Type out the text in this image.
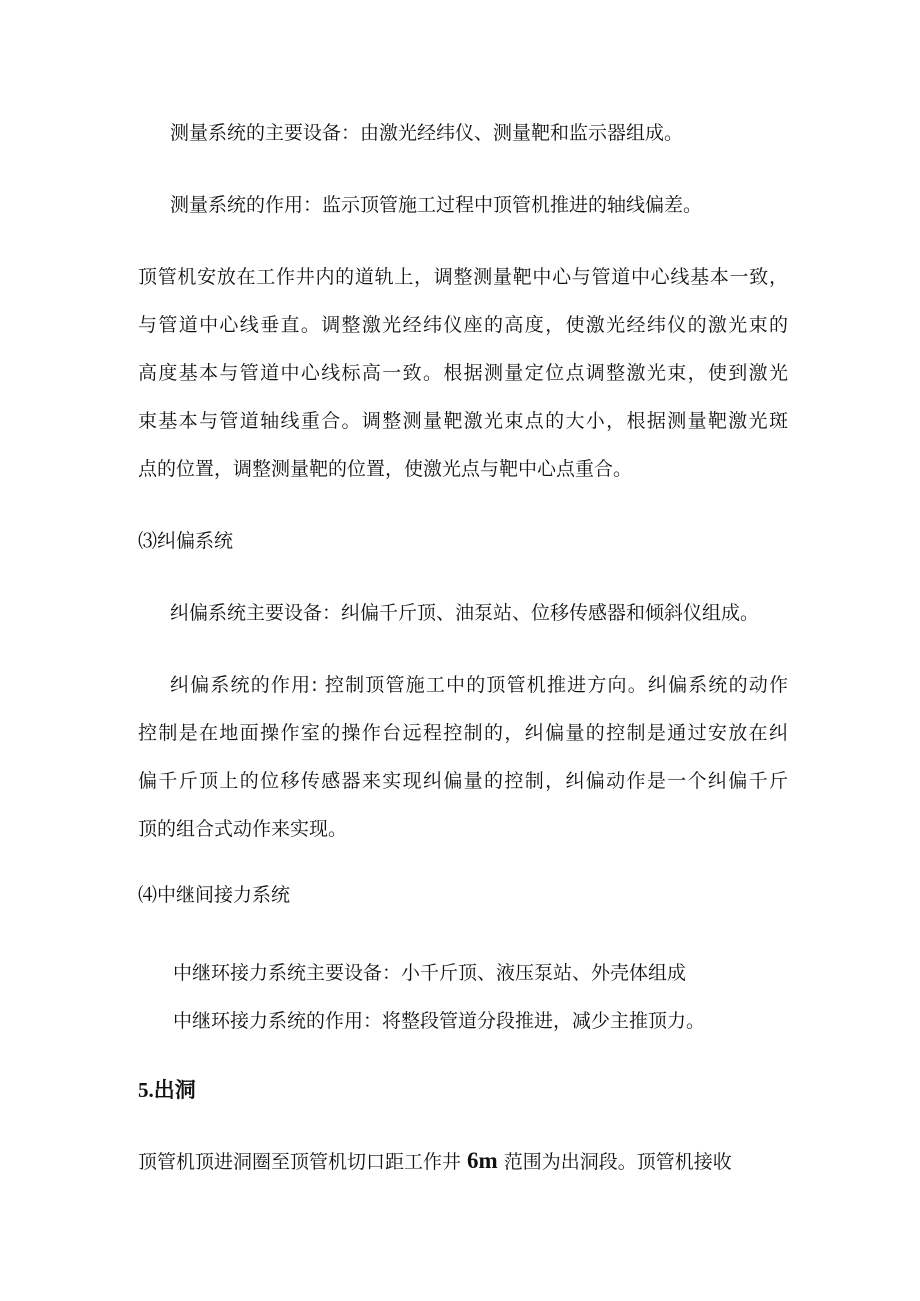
测量系统的主要设备：由激光经纬仪、测量靶和监示器组成。
测量系统的作用：监示顶管施工过程中顶管机推进的轴线偏差。
顶管机安放在工作井内的道轨上，调整测量靶中心与管道中心线基本一致，
与管道中心线垂直。调整激光经纬仪座的高度，使激光经纬仪的激光束的
高度基本与管道中心线标高一致。根据测量定位点调整激光束，使到激光
束基本与管道轴线重合。调整测量靶激光束点的大小，根据测量靶激光斑
点的位置，调整测量靶的位置，使激光点与靶中心点重合。
⑶纠偏系统
纠偏系统主要设备：纠偏千斤顶、油泵站、位移传感器和倾斜仪组成。
纠偏系统的作用: 控制顶管施工中的顶管机推进方向。纠偏系统的动作
控制是在地面操作室的操作台远程控制的，纠偏量的控制是通过安放在纠
偏千斤顶上的位移传感器来实现纠偏量的控制，纠偏动作是一个纠偏千斤
顶的组合式动作来实现。
⑷中继间接力系统
中继环接力系统主要设备：小千斤顶、液压泵站、外壳体组成
中继环接力系统的作用：将整段管道分段推进，减少主推顶力。
5.出洞
顶管机顶进洞圈至顶管机切口距工作井 6m 范围为出洞段。顶管机接收
